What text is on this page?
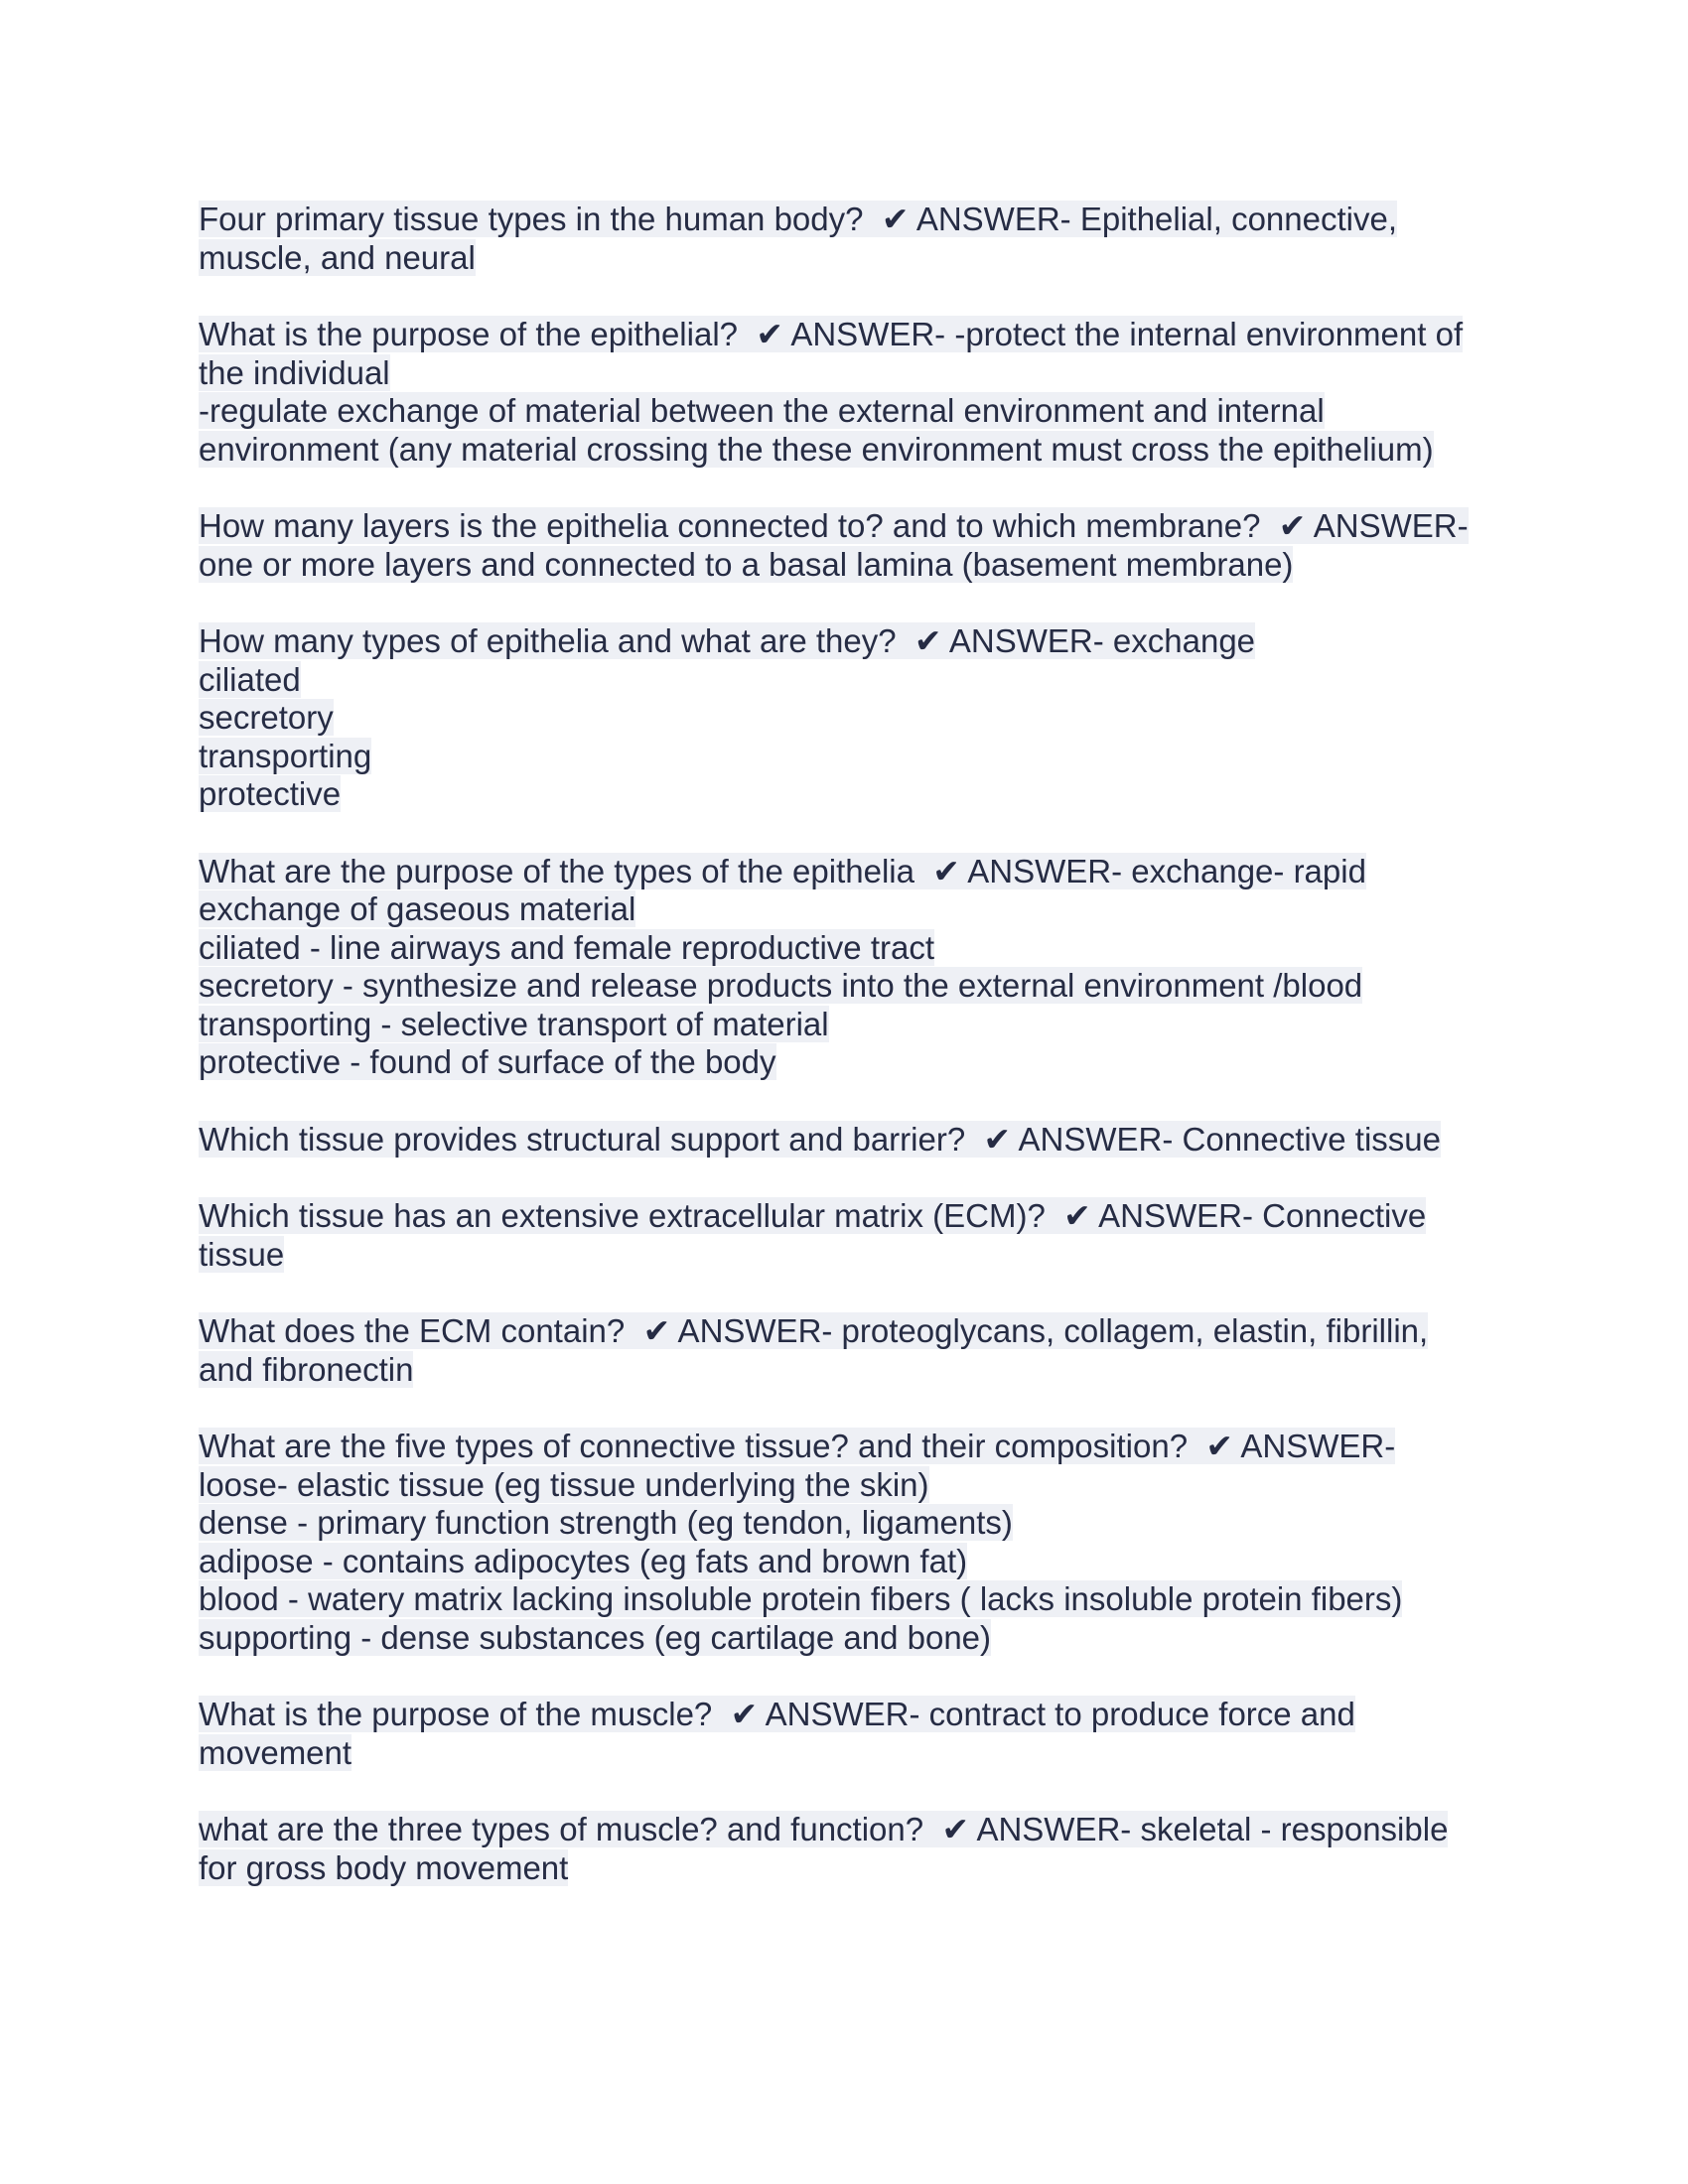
Four primary tissue types in the human body?  ✔ ANSWER- Epithelial, connective,
muscle, and neural
What is the purpose of the epithelial?  ✔ ANSWER- -protect the internal environment of
the individual
-regulate exchange of material between the external environment and internal
environment (any material crossing the these environment must cross the epithelium)
How many layers is the epithelia connected to? and to which membrane?  ✔ ANSWER-
one or more layers and connected to a basal lamina (basement membrane)
How many types of epithelia and what are they?  ✔ ANSWER- exchange
ciliated
secretory
transporting
protective
What are the purpose of the types of the epithelia  ✔ ANSWER- exchange- rapid
exchange of gaseous material
ciliated - line airways and female reproductive tract
secretory - synthesize and release products into the external environment /blood
transporting - selective transport of material
protective - found of surface of the body
Which tissue provides structural support and barrier?  ✔ ANSWER- Connective tissue
Which tissue has an extensive extracellular matrix (ECM)?  ✔ ANSWER- Connective
tissue
What does the ECM contain?  ✔ ANSWER- proteoglycans, collagem, elastin, fibrillin,
and fibronectin
What are the five types of connective tissue? and their composition?  ✔ ANSWER-
loose- elastic tissue (eg tissue underlying the skin)
dense - primary function strength (eg tendon, ligaments)
adipose - contains adipocytes (eg fats and brown fat)
blood - watery matrix lacking insoluble protein fibers ( lacks insoluble protein fibers)
supporting - dense substances (eg cartilage and bone)
What is the purpose of the muscle?  ✔ ANSWER- contract to produce force and
movement
what are the three types of muscle? and function?  ✔ ANSWER- skeletal - responsible
for gross body movement
